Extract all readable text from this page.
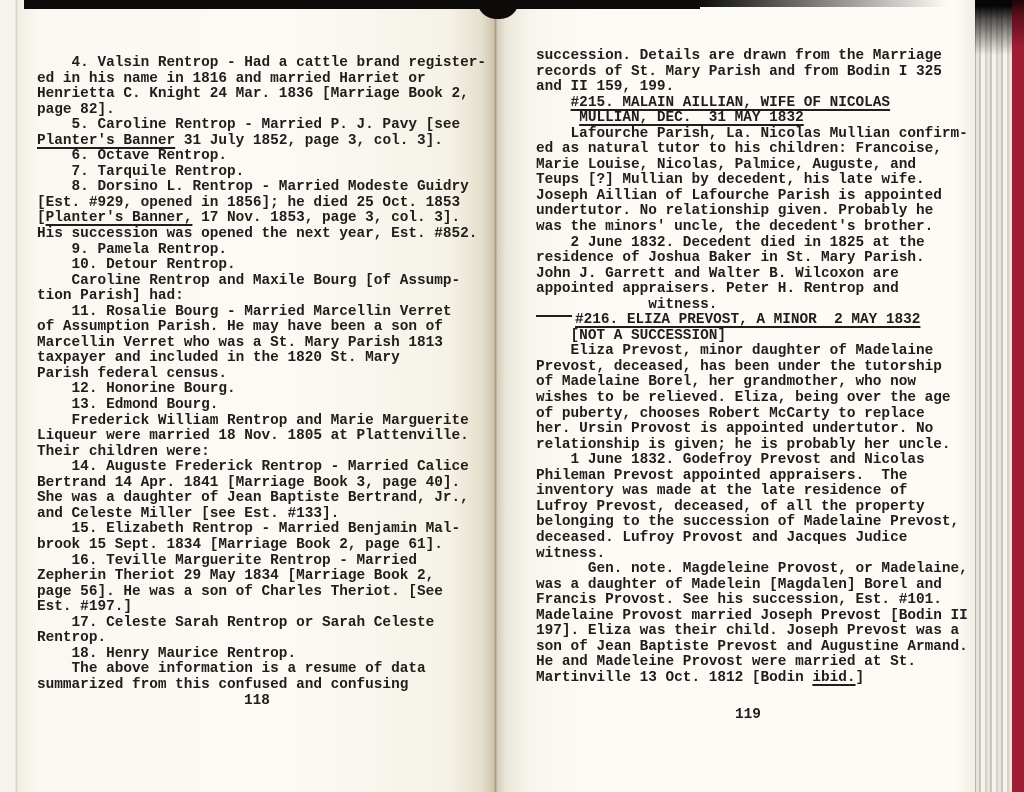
4. Valsin Rentrop - Had a cattle brand register-
ed in his name in 1816 and married Harriet or
Henrietta C. Knight 24 Mar. 1836 [Marriage Book 2,
page 82].
5. Caroline Rentrop - Married P. J. Pavy [see
Planter's Banner 31 July 1852, page 3, col. 3].
6. Octave Rentrop.
7. Tarquile Rentrop.
8. Dorsino L. Rentrop - Married Modeste Guidry
[Est. #929, opened in 1856]; he died 25 Oct. 1853
[Planter's Banner, 17 Nov. 1853, page 3, col. 3].
His succession was opened the next year, Est. #852.
9. Pamela Rentrop.
10. Detour Rentrop.
Caroline Rentrop and Maxile Bourg [of Assump-
tion Parish] had:
11. Rosalie Bourg - Married Marcellin Verret
of Assumption Parish. He may have been a son of
Marcellin Verret who was a St. Mary Parish 1813
taxpayer and included in the 1820 St. Mary
Parish federal census.
12. Honorine Bourg.
13. Edmond Bourg.
Frederick William Rentrop and Marie Marguerite
Liqueur were married 18 Nov. 1805 at Plattenville.
Their children were:
14. Auguste Frederick Rentrop - Married Calice
Bertrand 14 Apr. 1841 [Marriage Book 3, page 40].
She was a daughter of Jean Baptiste Bertrand, Jr.,
and Celeste Miller [see Est. #133].
15. Elizabeth Rentrop - Married Benjamin Mal-
brook 15 Sept. 1834 [Marriage Book 2, page 61].
16. Teville Marguerite Rentrop - Married
Zepherin Theriot 29 May 1834 [Marriage Book 2,
page 56]. He was a son of Charles Theriot. [See
Est. #197.]
17. Celeste Sarah Rentrop or Sarah Celeste
Rentrop.
18. Henry Maurice Rentrop.
The above information is a resume of data
summarized from this confused and confusing
succession. Details are drawn from the Marriage
records of St. Mary Parish and from Bodin I 325
and II 159, 199.
#215. MALAIN AILLIAN, WIFE OF NICOLAS
MULLIAN, DEC.  31 MAY 1832
Lafourche Parish, La. Nicolas Mullian confirm-
ed as natural tutor to his children: Francoise,
Marie Louise, Nicolas, Palmice, Auguste, and
Teups [?] Mullian by decedent, his late wife.
Joseph Aillian of Lafourche Parish is appointed
undertutor. No relationship given. Probably he
was the minors' uncle, the decedent's brother.
2 June 1832. Decedent died in 1825 at the
residence of Joshua Baker in St. Mary Parish.
John J. Garrett and Walter B. Wilcoxon are
appointed appraisers. Peter H. Rentrop and
witness.
#216. ELIZA PREVOST, A MINOR  2 MAY 1832
[NOT A SUCCESSION]
Eliza Prevost, minor daughter of Madelaine
Prevost, deceased, has been under the tutorship
of Madelaine Borel, her grandmother, who now
wishes to be relieved. Eliza, being over the age
of puberty, chooses Robert McCarty to replace
her. Ursin Provost is appointed undertutor. No
relationship is given; he is probably her uncle.
1 June 1832. Godefroy Prevost and Nicolas
Phileman Prevost appointed appraisers.  The
inventory was made at the late residence of
Lufroy Prevost, deceased, of all the property
belonging to the succession of Madelaine Prevost,
deceased. Lufroy Provost and Jacques Judice
witness.
Gen. note. Magdeleine Provost, or Madelaine,
was a daughter of Madelein [Magdalen] Borel and
Francis Provost. See his succession, Est. #101.
Madelaine Provost married Joseph Prevost [Bodin II
197]. Eliza was their child. Joseph Prevost was a
son of Jean Baptiste Prevost and Augustine Armand.
He and Madeleine Provost were married at St.
Martinville 13 Oct. 1812 [Bodin ibid.]
118
119
